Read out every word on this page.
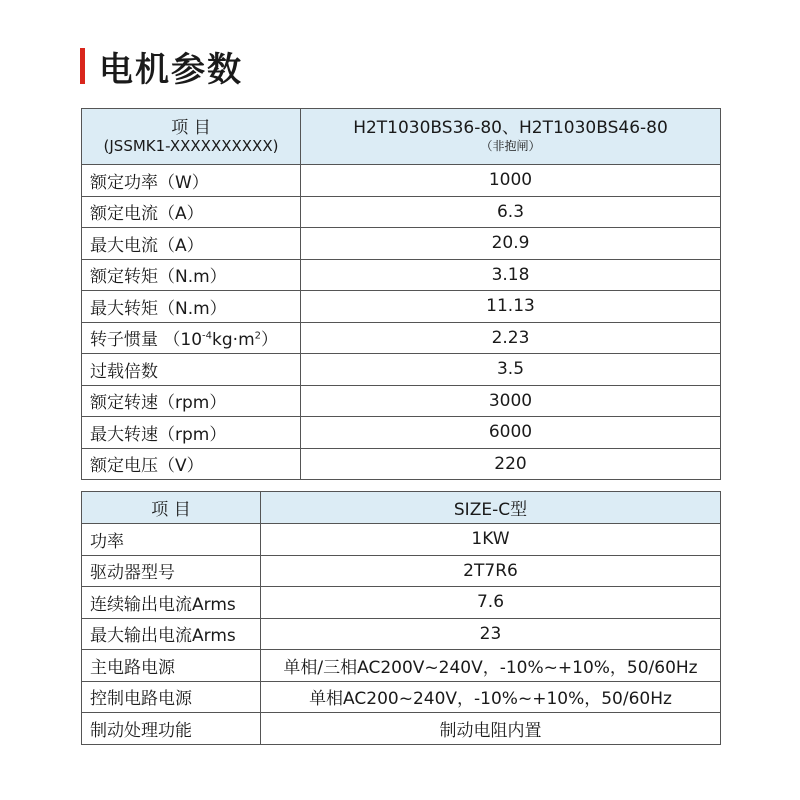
电机参数
项 目
(JSSMK1-XXXXXXXXXX)	H2T1030BS36-80、H2T1030BS46-80
（非抱闸）

额定功率（W）	1000
额定电流（A）	6.3
最大电流（A）	20.9
额定转矩（N.m）	3.18
最大转矩（N.m）	11.13
转子惯量 $(10^{-4}kg\cdot m^2)$	2.23
过载倍数	3.5
额定转速（rpm）	3000
最大转速（rpm）	6000
额定电压（V）	220
项 目	SIZE-C型
功率	1KW
驱动器型号	2T7R6
连续输出电流Arms	7.6
最大输出电流Arms	23
主电路电源	单相/三相AC200V~240V，-10%~+10%，50/60Hz
控制电路电源	单相AC200~240V，-10%~+10%，50/60Hz
制动处理功能	制动电阻内置
